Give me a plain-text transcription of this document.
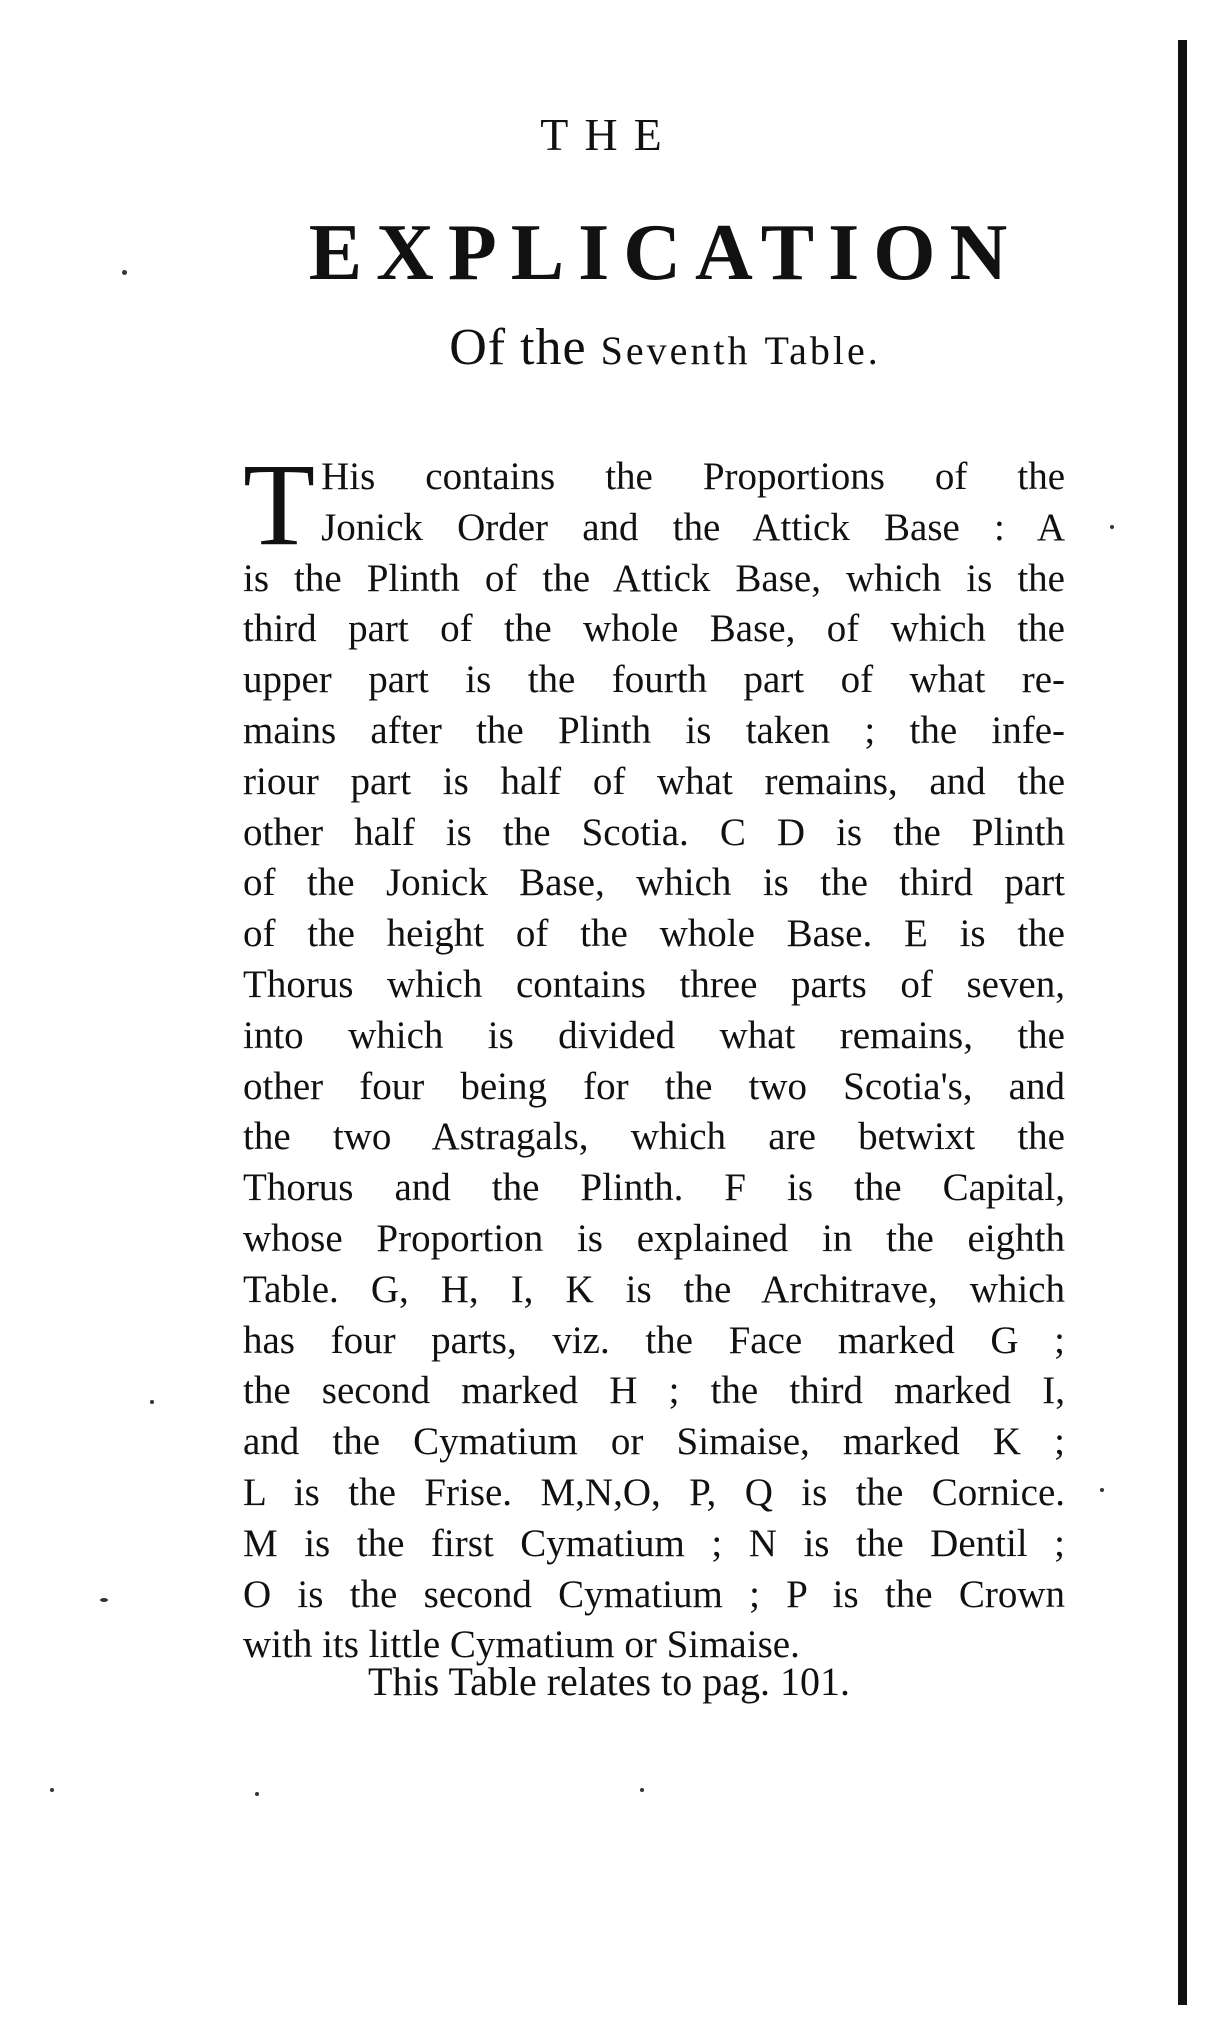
THE
EXPLICATION
Of the Seventh Table.
T His contains the Proportions of the
Jonick Order and the Attick Base : A
is the Plinth of the Attick Base, which is the
third part of the whole Base, of which the
upper part is the fourth part of what re-
mains after the Plinth is taken ; the infe-
riour part is half of what remains, and the
other half is the Scotia. C D is the Plinth
of the Jonick Base, which is the third part
of the height of the whole Base. E is the
Thorus which contains three parts of seven,
into which is divided what remains, the
other four being for the two Scotia's, and
the two Astragals, which are betwixt the
Thorus and the Plinth. F is the Capital,
whose Proportion is explained in the eighth
Table. G, H, I, K is the Architrave, which
has four parts, viz. the Face marked G ;
the second marked H ; the third marked I,
and the Cymatium or Simaise, marked K ;
L is the Frise. M,N,O, P, Q is the Cornice.
M is the first Cymatium ; N is the Dentil ;
O is the second Cymatium ; P is the Crown
with its little Cymatium or Simaise.
This Table relates to pag. 101.
